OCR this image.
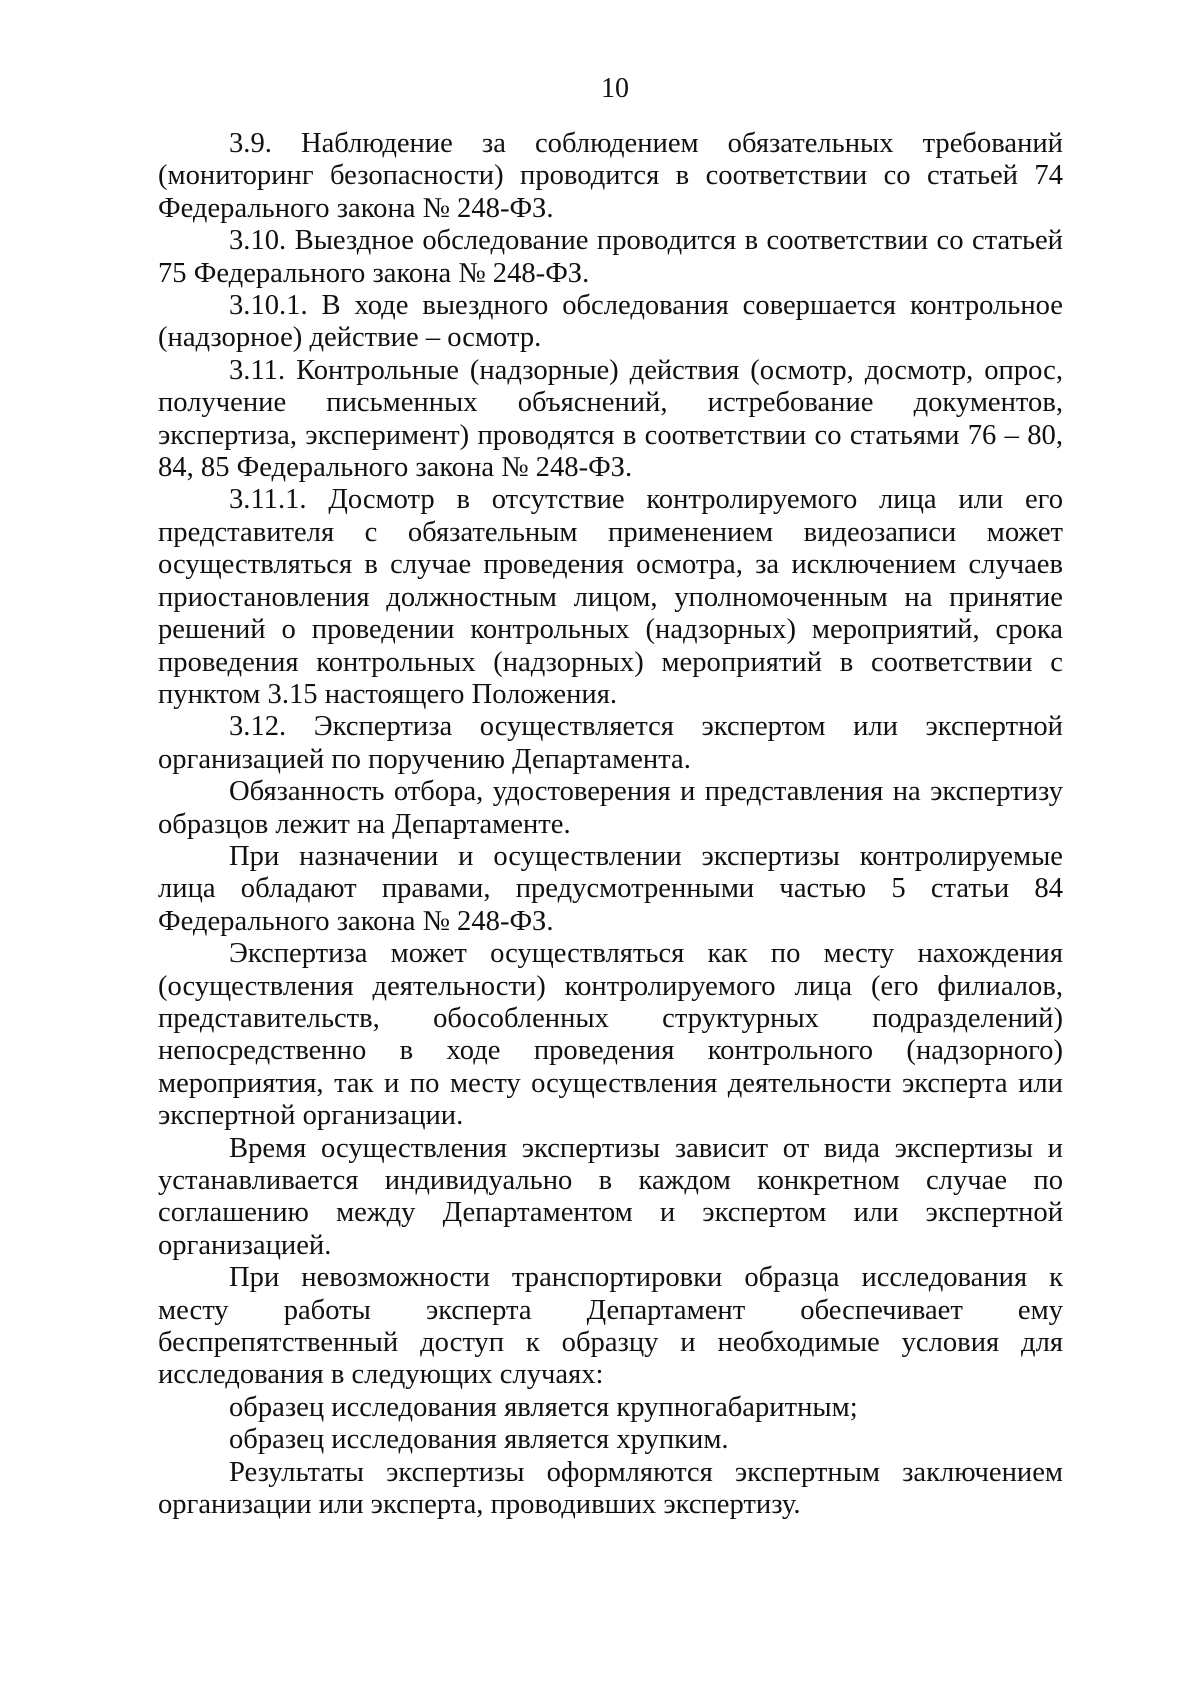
10

3.9. Наблюдение за соблюдением обязательных требований (мониторинг безопасности) проводится в соответствии со статьей 74 Федерального закона № 248-ФЗ.

3.10. Выездное обследование проводится в соответствии со статьей 75 Федерального закона № 248-ФЗ.

3.10.1. В ходе выездного обследования совершается контрольное (надзорное) действие – осмотр.

3.11. Контрольные (надзорные) действия (осмотр, досмотр, опрос, получение письменных объяснений, истребование документов, экспертиза, эксперимент) проводятся в соответствии со статьями 76 – 80, 84, 85 Федерального закона № 248-ФЗ.

3.11.1. Досмотр в отсутствие контролируемого лица или его представителя с обязательным применением видеозаписи может осуществляться в случае проведения осмотра, за исключением случаев приостановления должностным лицом, уполномоченным на принятие решений о проведении контрольных (надзорных) мероприятий, срока проведения контрольных (надзорных) мероприятий в соответствии с пунктом 3.15 настоящего Положения.

3.12. Экспертиза осуществляется экспертом или экспертной организацией по поручению Департамента.

Обязанность отбора, удостоверения и представления на экспертизу образцов лежит на Департаменте.

При назначении и осуществлении экспертизы контролируемые лица обладают правами, предусмотренными частью 5 статьи 84 Федерального закона № 248-ФЗ.

Экспертиза может осуществляться как по месту нахождения (осуществления деятельности) контролируемого лица (его филиалов, представительств, обособленных структурных подразделений) непосредственно в ходе проведения контрольного (надзорного) мероприятия, так и по месту осуществления деятельности эксперта или экспертной организации.

Время осуществления экспертизы зависит от вида экспертизы и устанавливается индивидуально в каждом конкретном случае по соглашению между Департаментом и экспертом или экспертной организацией.

При невозможности транспортировки образца исследования к месту работы эксперта Департамент обеспечивает ему беспрепятственный доступ к образцу и необходимые условия для исследования в следующих случаях:

образец исследования является крупногабаритным;

образец исследования является хрупким.

Результаты экспертизы оформляются экспертным заключением организации или эксперта, проводивших экспертизу.
